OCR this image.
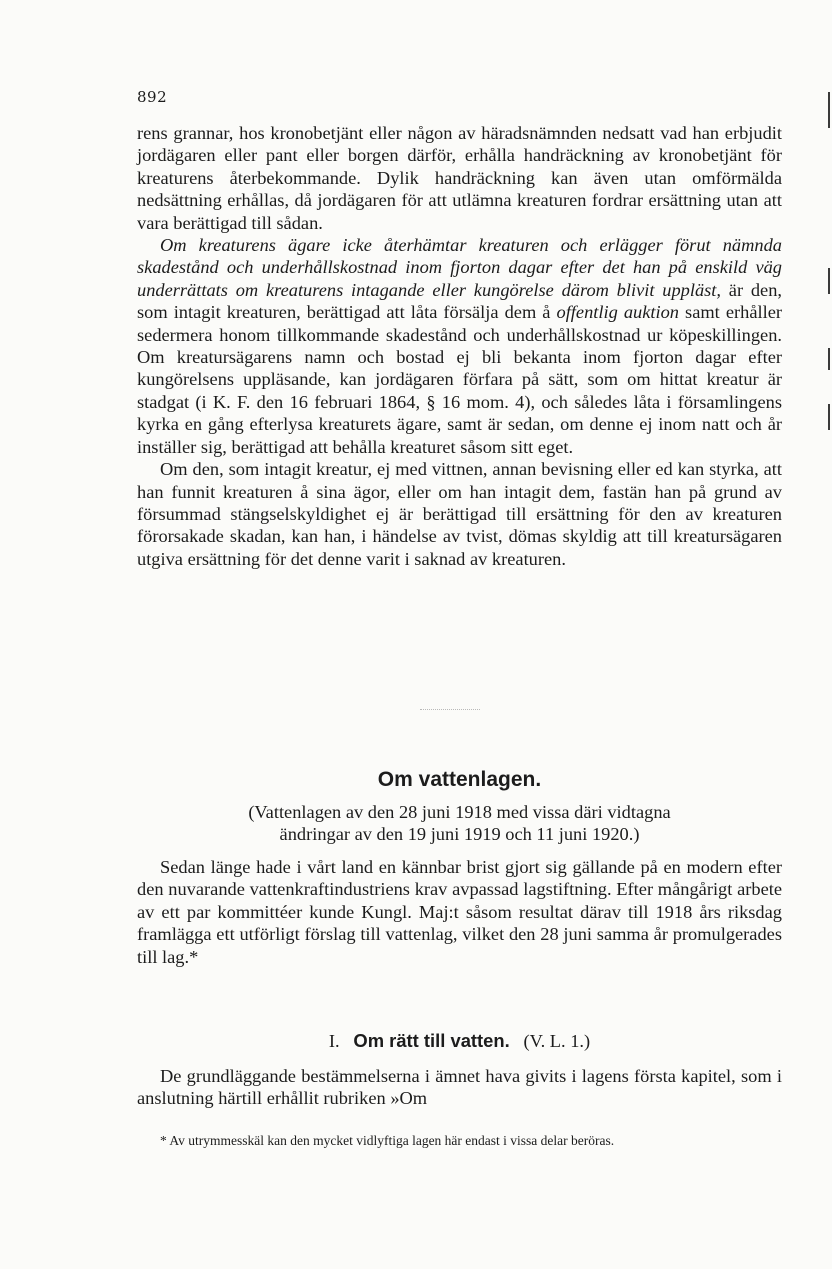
892

rens grannar, hos kronobetjänt eller någon av häradsnämnden nedsatt vad han erbjudit jordägaren eller pant eller borgen därför, erhålla handräckning av kronobetjänt för kreaturens återbekommande. Dylik handräckning kan även utan omförmälda nedsättning erhållas, då jordägaren för att utlämna kreaturen fordrar ersättning utan att vara berättigad till sådan.

Om kreaturens ägare icke återhämtar kreaturen och erlägger förut nämnda skadestånd och underhållskostnad inom fjorton dagar efter det han på enskild väg underrättats om kreaturens intagande eller kungörelse därom blivit uppläst, är den, som intagit kreaturen, berättigad att låta försälja dem å offentlig auktion samt erhåller sedermera honom tillkommande skadestånd och underhållskostnad ur köpeskillingen. Om kreatursägarens namn och bostad ej bli bekanta inom fjorton dagar efter kungörelsens uppläsande, kan jordägaren förfara på sätt, som om hittat kreatur är stadgat (i K. F. den 16 februari 1864, § 16 mom. 4), och således låta i församlingens kyrka en gång efterlysa kreaturets ägare, samt är sedan, om denne ej inom natt och år inställer sig, berättigad att behålla kreaturet såsom sitt eget.

Om den, som intagit kreatur, ej med vittnen, annan bevisning eller ed kan styrka, att han funnit kreaturen å sina ägor, eller om han intagit dem, fastän han på grund av försummad stängselskyldighet ej är berättigad till ersättning för den av kreaturen förorsakade skadan, kan han, i händelse av tvist, dömas skyldig att till kreatursägaren utgiva ersättning för det denne varit i saknad av kreaturen.

Om vattenlagen.
(Vattenlagen av den 28 juni 1918 med vissa däri vidtagna
ändringar av den 19 juni 1919 och 11 juni 1920.)

Sedan länge hade i vårt land en kännbar brist gjort sig gällande på en modern efter den nuvarande vattenkraftindustriens krav avpassad lagstiftning. Efter mångårigt arbete av ett par kommittéer kunde Kungl. Maj:t såsom resultat därav till 1918 års riksdag framlägga ett utförligt förslag till vattenlag, vilket den 28 juni samma år promulgerades till lag.*

I. Om rätt till vatten. (V. L. 1.)

De grundläggande bestämmelserna i ämnet hava givits i lagens första kapitel, som i anslutning härtill erhållit rubriken »Om

* Av utrymmesskäl kan den mycket vidlyftiga lagen här endast i vissa delar beröras.
